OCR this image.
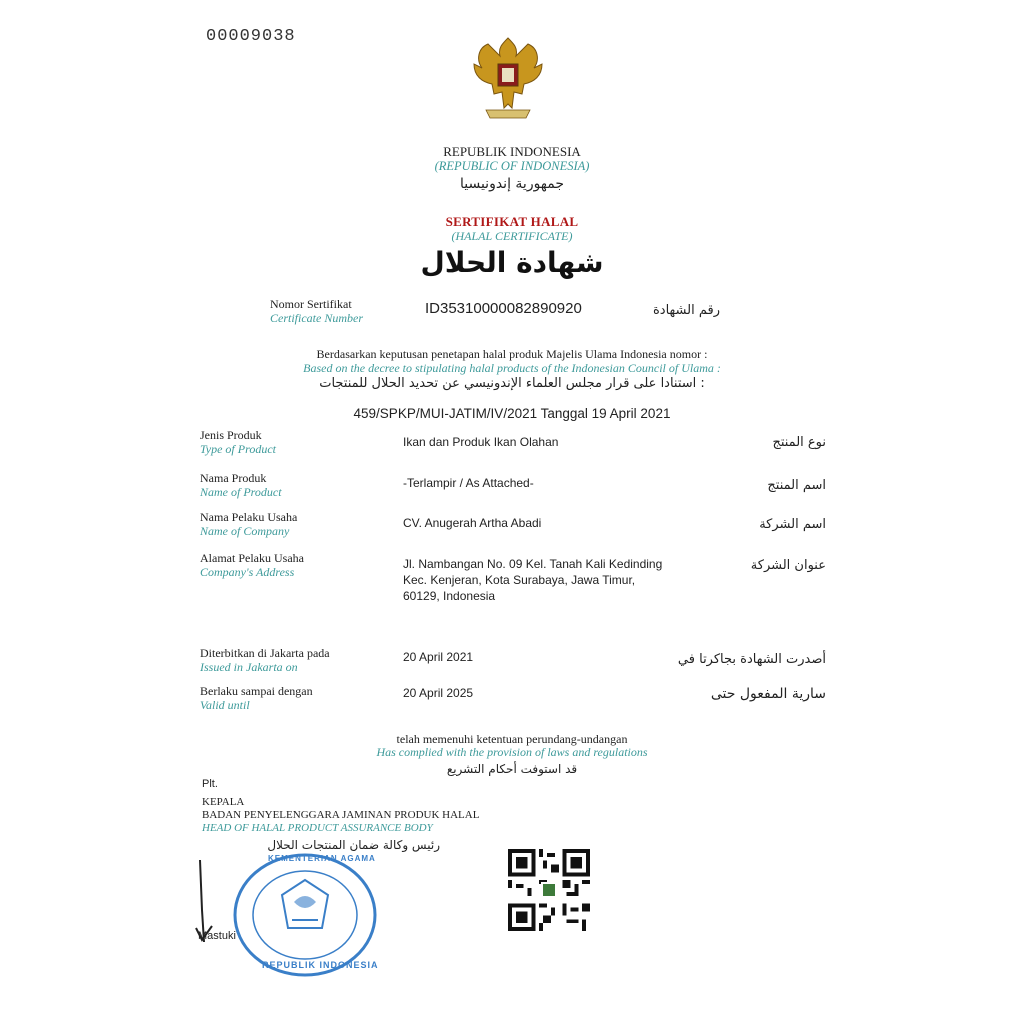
00009038
REPUBLIK INDONESIA
(REPUBLIC OF INDONESIA)
جمهورية إندونيسيا
SERTIFIKAT HALAL
(HALAL CERTIFICATE)
شهادة الحلال
Nomor Sertifikat
Certificate Number
ID35310000082890920	رقم الشهادة
Berdasarkan keputusan penetapan halal produk Majelis Ulama Indonesia nomor :
Based on the decree to stipulating halal products of the Indonesian Council of Ulama :
استنادا على قرار مجلس العلماء الإندونيسي عن تحديد الحلال للمنتجات :
459/SPKP/MUI-JATIM/IV/2021 Tanggal 19 April 2021
Jenis Produk
Type of Product	Ikan dan Produk Ikan Olahan	نوع المنتج
Nama Produk
Name of Product
-Terlampir / As Attached-	اسم المنتج
Nama Pelaku Usaha
Name of Company
CV. Anugerah Artha Abadi	اسم الشركة
Alamat Pelaku Usaha
Company's Address
Jl. Nambangan No. 09 Kel. Tanah Kali Kedinding
Kec. Kenjeran, Kota Surabaya, Jawa Timur,
60129, Indonesia
عنوان الشركة
Diterbitkan di Jakarta pada
Issued in Jakarta on
20 April 2021	أصدرت الشهادة بجاكرتا في
Berlaku sampai dengan
Valid until
20 April 2025	سارية المفعول حتى
telah memenuhi ketentuan perundang-undangan
Has complied with the provision of laws and regulations
قد استوفت أحكام التشريع
Plt.
KEPALA
BADAN PENYELENGGARA JAMINAN PRODUK HALAL
HEAD OF HALAL PRODUCT ASSURANCE BODY
رئيس وكالة ضمان المنتجات الحلال
KEMENTERIAN AGAMA
REPUBLIK INDONESIA
Mastuki
